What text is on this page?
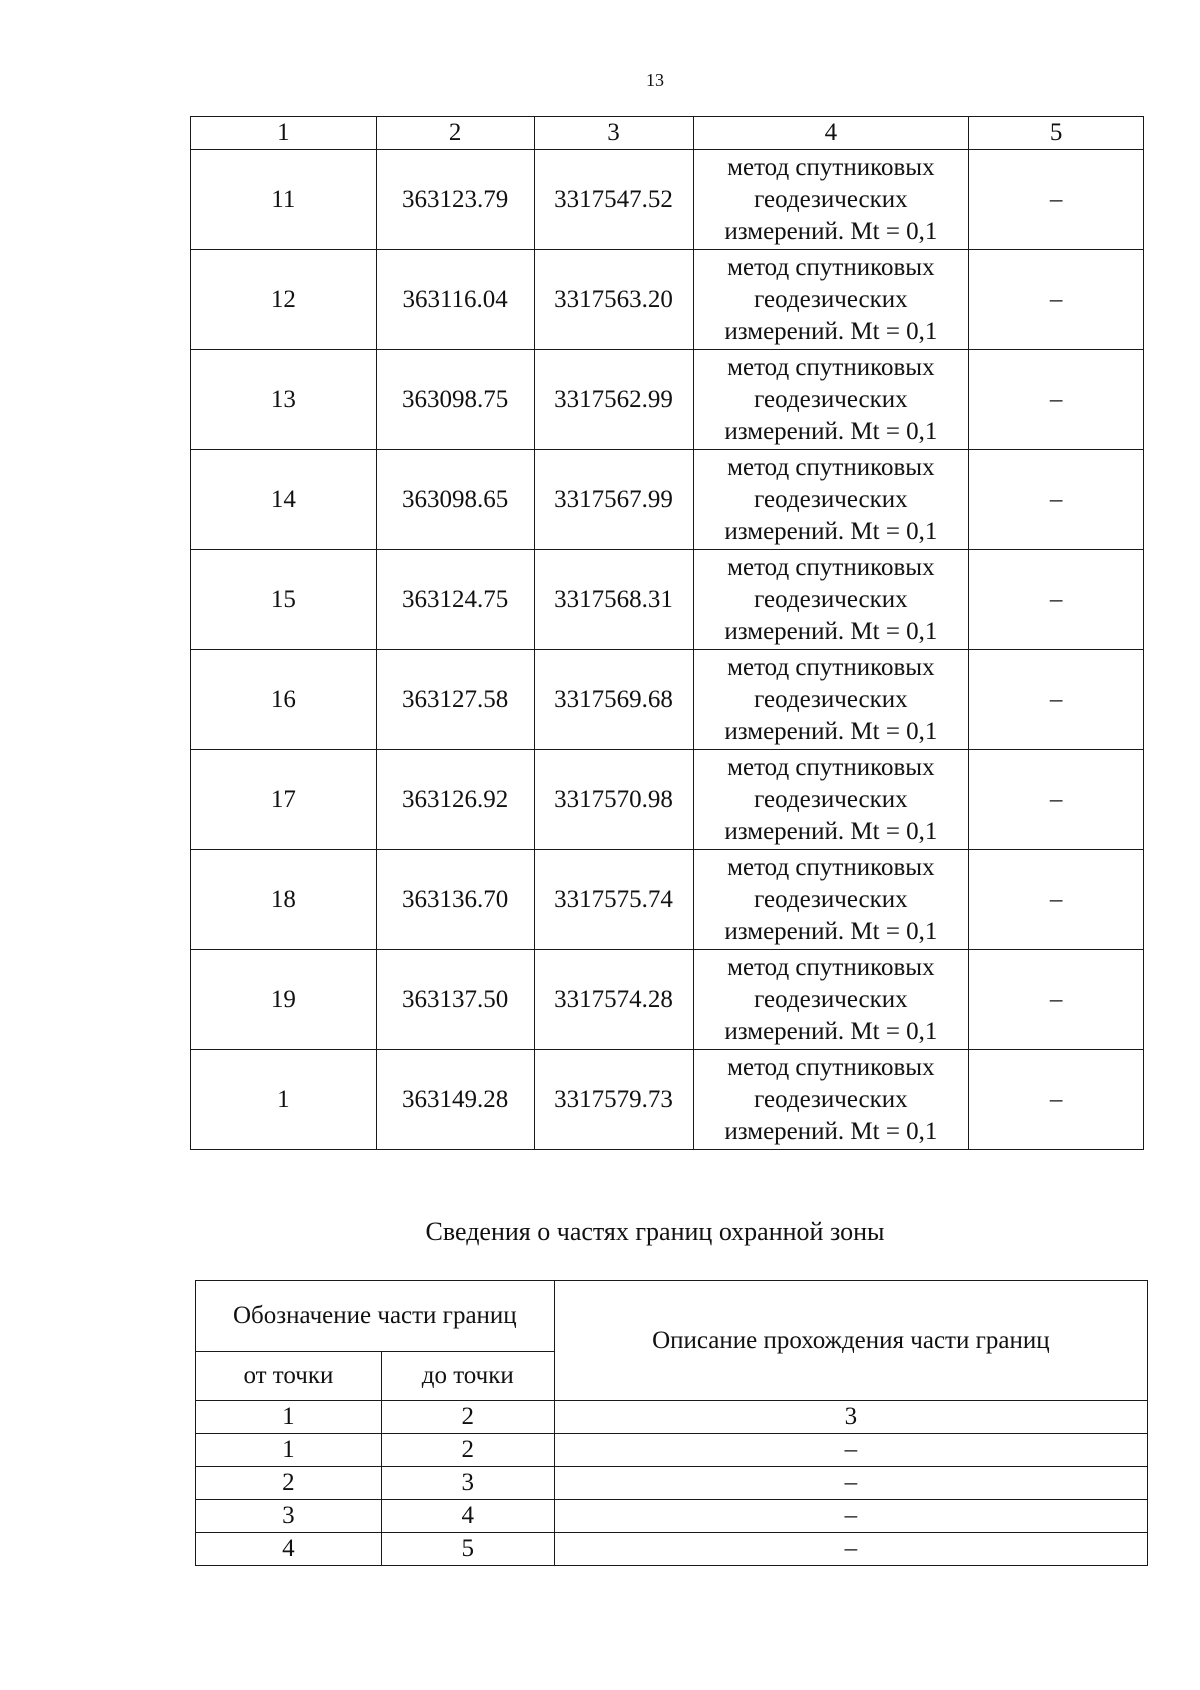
13
1	2	3	4	5
11	363123.79	3317547.52	метод спутниковых
геодезических
измерений. Mt = 0,1	–
12	363116.04	3317563.20	метод спутниковых
геодезических
измерений. Mt = 0,1	–
13	363098.75	3317562.99	метод спутниковых
геодезических
измерений. Mt = 0,1	–
14	363098.65	3317567.99	метод спутниковых
геодезических
измерений. Mt = 0,1	–
15	363124.75	3317568.31	метод спутниковых
геодезических
измерений. Mt = 0,1	–
16	363127.58	3317569.68	метод спутниковых
геодезических
измерений. Mt = 0,1	–
17	363126.92	3317570.98	метод спутниковых
геодезических
измерений. Mt = 0,1	–
18	363136.70	3317575.74	метод спутниковых
геодезических
измерений. Mt = 0,1	–
19	363137.50	3317574.28	метод спутниковых
геодезических
измерений. Mt = 0,1	–
1	363149.28	3317579.73	метод спутниковых
геодезических
измерений. Mt = 0,1	–
Сведения о частях границ охранной зоны
Обозначение части границ		Описание прохождения части границ
от точки	до точки	
1	2	3
1	2	–
2	3	–
3	4	–
4	5	–
